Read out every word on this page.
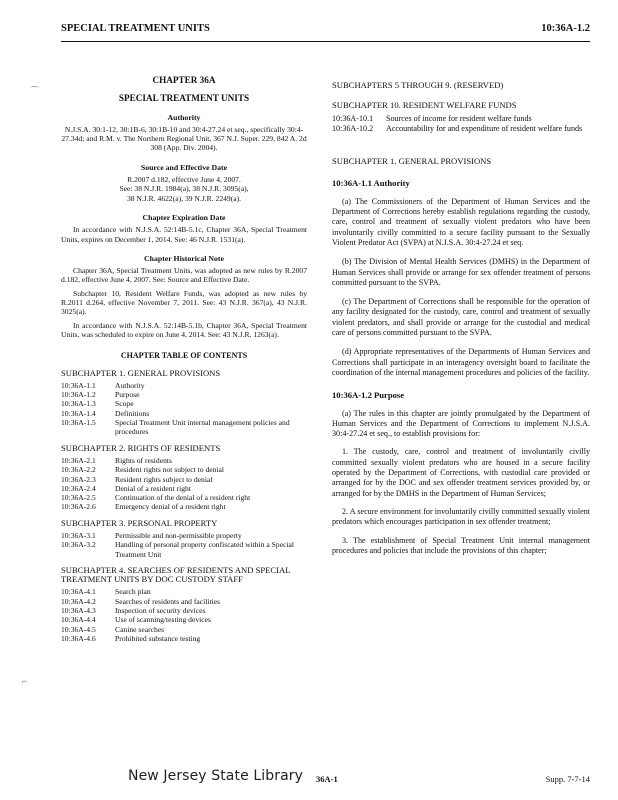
SPECIAL TREATMENT UNITS	10:36A-1.2
⌒
⌐
CHAPTER 36A
SPECIAL TREATMENT UNITS
Authority
N.J.S.A. 30:1-12, 30:1B-6, 30:1B-10 and 30:4-27.24 et seq., specifically 30:4-27.34d; and R.M. v. The Northern Regional Unit, 367 N.J. Super. 229, 842 A. 2d 308 (App. Div. 2004).
Source and Effective Date
R.2007 d.182, effective June 4, 2007.
See: 38 N.J.R. 1984(a), 38 N.J.R. 3095(a),
38 N.J.R. 4622(a), 39 N.J.R. 2249(a).
Chapter Expiration Date
In accordance with N.J.S.A. 52:14B-5.1c, Chapter 36A, Special Treatment Units, expires on December 1, 2014. See: 46 N.J.R. 1531(a).
Chapter Historical Note
Chapter 36A, Special Treatment Units, was adopted as new rules by R.2007 d.182, effective June 4, 2007. See: Source and Effective Date.
Subchapter 10, Resident Welfare Funds, was adopted as new rules by R.2011 d.264, effective November 7, 2011. See: 43 N.J.R. 367(a), 43 N.J.R. 3025(a).
In accordance with N.J.S.A. 52:14B-5.1b, Chapter 36A, Special Treatment Units, was scheduled to expire on June 4, 2014. See: 43 N.J.R. 1263(a).
CHAPTER TABLE OF CONTENTS
SUBCHAPTER 1. GENERAL PROVISIONS
10:36A-1.1	Authority
10:36A-1.2	Purpose
10:36A-1.3	Scope
10:36A-1.4	Definitions
10:36A-1.5	Special Treatment Unit internal management policies and procedures
SUBCHAPTER 2. RIGHTS OF RESIDENTS
10:36A-2.1	Rights of residents
10:36A-2.2	Resident rights not subject to denial
10:36A-2.3	Resident rights subject to denial
10:36A-2.4	Denial of a resident right
10:36A-2.5	Continuation of the denial of a resident right
10:36A-2.6	Emergency denial of a resident right
SUBCHAPTER 3. PERSONAL PROPERTY
10:36A-3.1	Permissible and non-permissible property
10:36A-3.2	Handling of personal property confiscated within a Special Treatment Unit
SUBCHAPTER 4. SEARCHES OF RESIDENTS AND SPECIAL TREATMENT UNITS BY DOC CUSTODY STAFF
10:36A-4.1	Search plan
10:36A-4.2	Searches of residents and facilities
10:36A-4.3	Inspection of security devices
10:36A-4.4	Use of scanning/testing devices
10:36A-4.5	Canine searches
10:36A-4.6	Prohibited substance testing
SUBCHAPTERS 5 THROUGH 9. (RESERVED)
SUBCHAPTER 10. RESIDENT WELFARE FUNDS
10:36A-10.1	Sources of income for resident welfare funds
10:36A-10.2	Accountability for and expenditure of resident welfare funds
SUBCHAPTER 1. GENERAL PROVISIONS
10:36A-1.1 Authority
(a) The Commissioners of the Department of Human Services and the Department of Corrections hereby establish regulations regarding the custody, care, control and treatment of sexually violent predators who have been involuntarily civilly committed to a secure facility pursuant to the Sexually Violent Predator Act (SVPA) at N.J.S.A. 30:4-27.24 et seq.
(b) The Division of Mental Health Services (DMHS) in the Department of Human Services shall provide or arrange for sex offender treatment of persons committed pursuant to the SVPA.
(c) The Department of Corrections shall be responsible for the operation of any facility designated for the custody, care, control and treatment of sexually violent predators, and shall provide or arrange for the custodial and medical care of persons committed pursuant to the SVPA.
(d) Appropriate representatives of the Departments of Human Services and Corrections shall participate in an interagency oversight board to facilitate the coordination of the internal management procedures and policies of the facility.
10:36A-1.2 Purpose
(a) The rules in this chapter are jointly promulgated by the Department of Human Services and the Department of Corrections to implement N.J.S.A. 30:4-27.24 et seq., to establish provisions for:
1. The custody, care, control and treatment of involuntarily civilly committed sexually violent predators who are housed in a secure facility operated by the Department of Corrections, with custodial care provided or arranged for by the DOC and sex offender treatment services provided by, or arranged for by the DMHS in the Department of Human Services;
2. A secure environment for involuntarily civilly committed sexually violent predators which encourages participation in sex offender treatment;
3. The establishment of Special Treatment Unit internal management procedures and policies that include the provisions of this chapter;
New Jersey State Library 36A-1	Supp. 7-7-14
